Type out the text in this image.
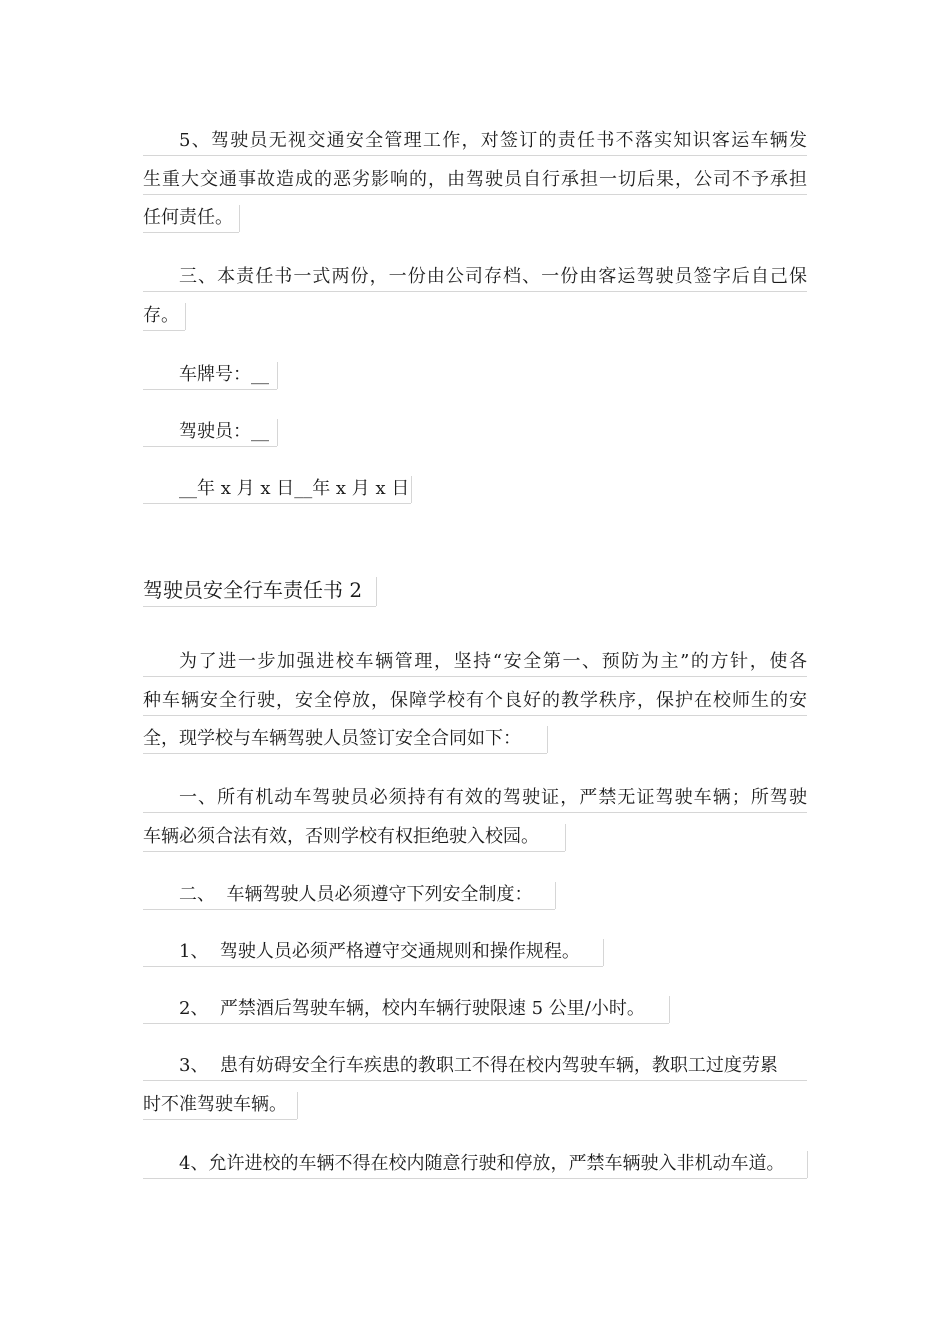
5、驾驶员无视交通安全管理工作，对签订的责任书不落实知识客运车辆发
生重大交通事故造成的恶劣影响的，由驾驶员自行承担一切后果，公司不予承担
任何责任。
三、本责任书一式两份，一份由公司存档、一份由客运驾驶员签字后自己保
存。
车牌号：__
驾驶员：__
__年 x 月 x 日__年 x 月 x 日
驾驶员安全行车责任书 2
为了进一步加强进校车辆管理，坚持“安全第一、预防为主”的方针，使各
种车辆安全行驶，安全停放，保障学校有个良好的教学秩序，保护在校师生的安
全，现学校与车辆驾驶人员签订安全合同如下：
一、所有机动车驾驶员必须持有有效的驾驶证，严禁无证驾驶车辆；所驾驶
车辆必须合法有效，否则学校有权拒绝驶入校园。
二、  车辆驾驶人员必须遵守下列安全制度：
1、  驾驶人员必须严格遵守交通规则和操作规程。
2、  严禁酒后驾驶车辆，校内车辆行驶限速 5 公里/小时。
3、  患有妨碍安全行车疾患的教职工不得在校内驾驶车辆，教职工过度劳累
时不准驾驶车辆。
4、允许进校的车辆不得在校内随意行驶和停放，严禁车辆驶入非机动车道。
